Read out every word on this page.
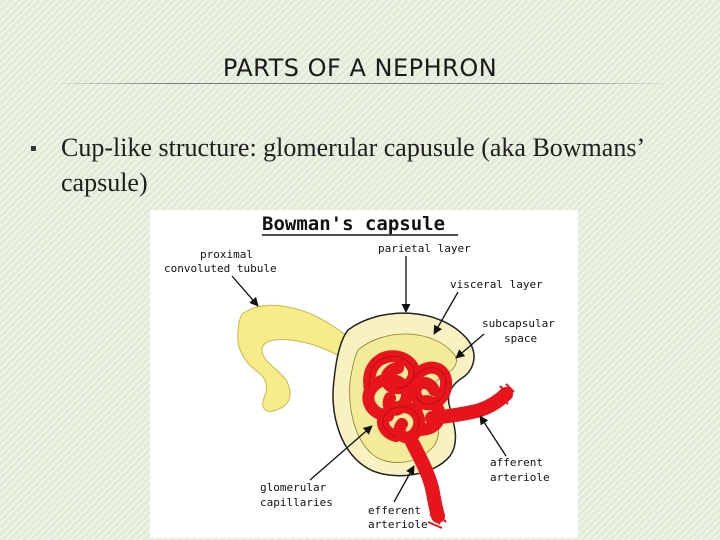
PARTS OF A NEPHRON
▪ Cup-like structure: glomerular capusule (aka Bowmans’ capsule)
Bowman's capsule
proximal
convoluted tubule
parietal layer
visceral layer
subcapsular
space
afferent
arteriole
glomerular
capillaries
efferent
arteriole
